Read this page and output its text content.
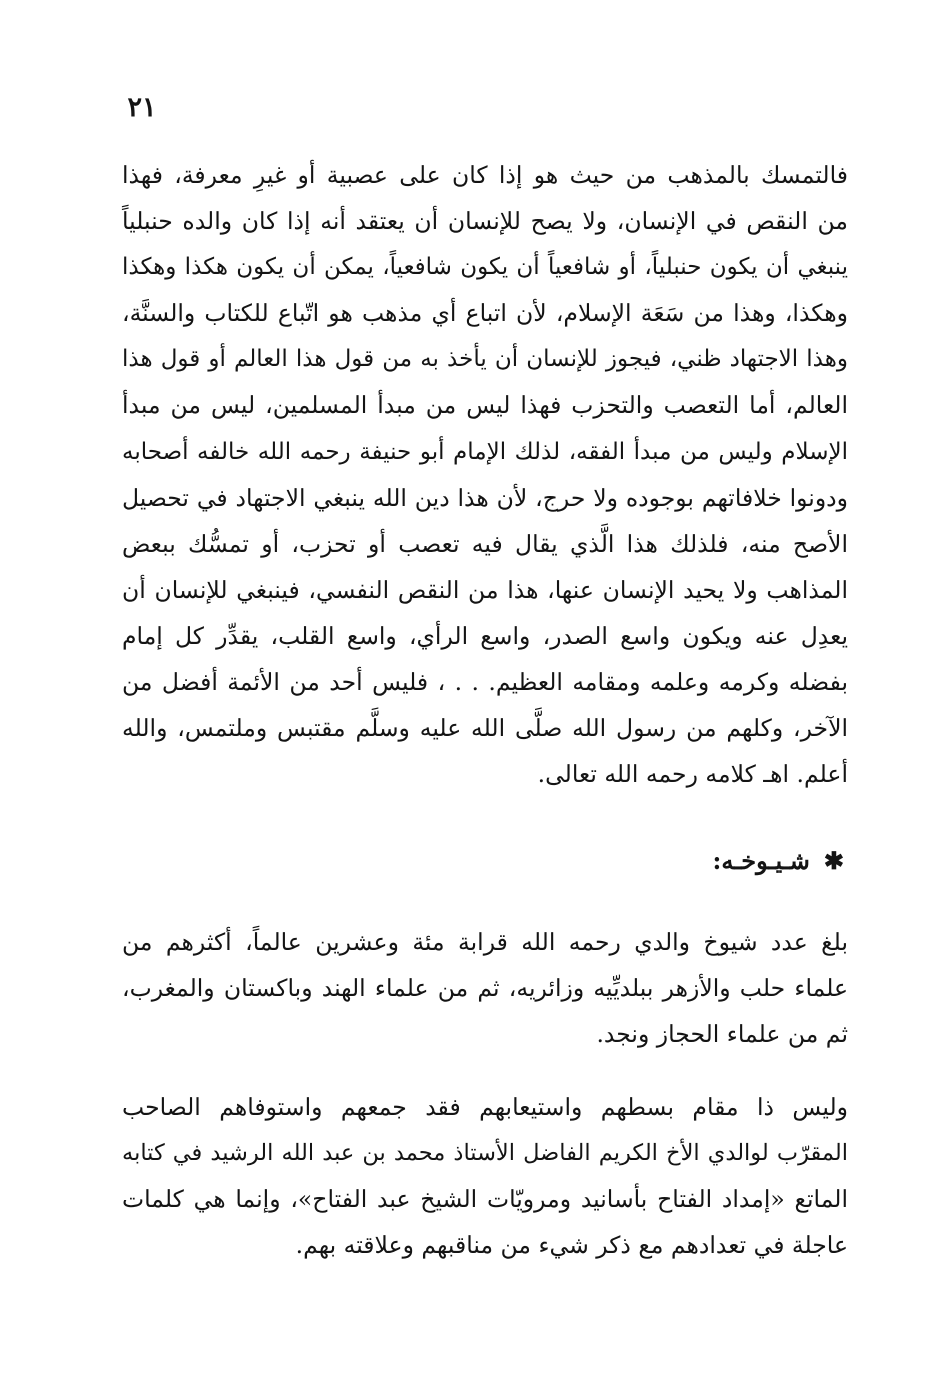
٢١
فالتمسك بالمذهب من حيث هو إذا كان على عصبية أو غيرِ معرفة، فهذا
من النقص في الإنسان، ولا يصح للإنسان أن يعتقد أنه إذا كان والده حنبلياً
ينبغي أن يكون حنبلياً، أو شافعياً أن يكون شافعياً، يمكن أن يكون هكذا وهكذا
وهكذا، وهذا من سَعَة الإسلام، لأن اتباع أي مذهب هو اتّباع للكتاب والسنَّة،
وهذا الاجتهاد ظني، فيجوز للإنسان أن يأخذ به من قول هذا العالم أو قول هذا
العالم، أما التعصب والتحزب فهذا ليس من مبدأ المسلمين، ليس من مبدأ
الإسلام وليس من مبدأ الفقه، لذلك الإمام أبو حنيفة رحمه الله خالفه أصحابه
ودونوا خلافاتهم بوجوده ولا حرج، لأن هذا دين الله ينبغي الاجتهاد في تحصيل
الأصح منه، فلذلك هذا الَّذي يقال فيه تعصب أو تحزب، أو تمسُّك ببعض
المذاهب ولا يحيد الإنسان عنها، هذا من النقص النفسي، فينبغي للإنسان أن
يعدِل عنه ويكون واسع الصدر، واسع الرأي، واسع القلب، يقدِّر كل إمام
بفضله وكرمه وعلمه ومقامه العظيم. . . ، فليس أحد من الأئمة أفضل من
الآخر، وكلهم من رسول الله صلَّى الله عليه وسلَّم مقتبس وملتمس، والله
أعلم. اهـ كلامه رحمه الله تعالى.
✱شـيـوخـه:
بلغ عدد شيوخ والدي رحمه الله قرابة مئة وعشرين عالماً، أكثرهم من
علماء حلب والأزهر ببلديِّيه وزائريه، ثم من علماء الهند وباكستان والمغرب،
ثم من علماء الحجاز ونجد.
وليس ذا مقام بسطهم واستيعابهم فقد جمعهم واستوفاهم الصاحب
المقرّب لوالدي الأخ الكريم الفاضل الأستاذ محمد بن عبد الله الرشيد في كتابه
الماتع «إمداد الفتاح بأسانيد ومرويّات الشيخ عبد الفتاح»، وإنما هي كلمات
عاجلة في تعدادهم مع ذكر شيء من مناقبهم وعلاقته بهم.
